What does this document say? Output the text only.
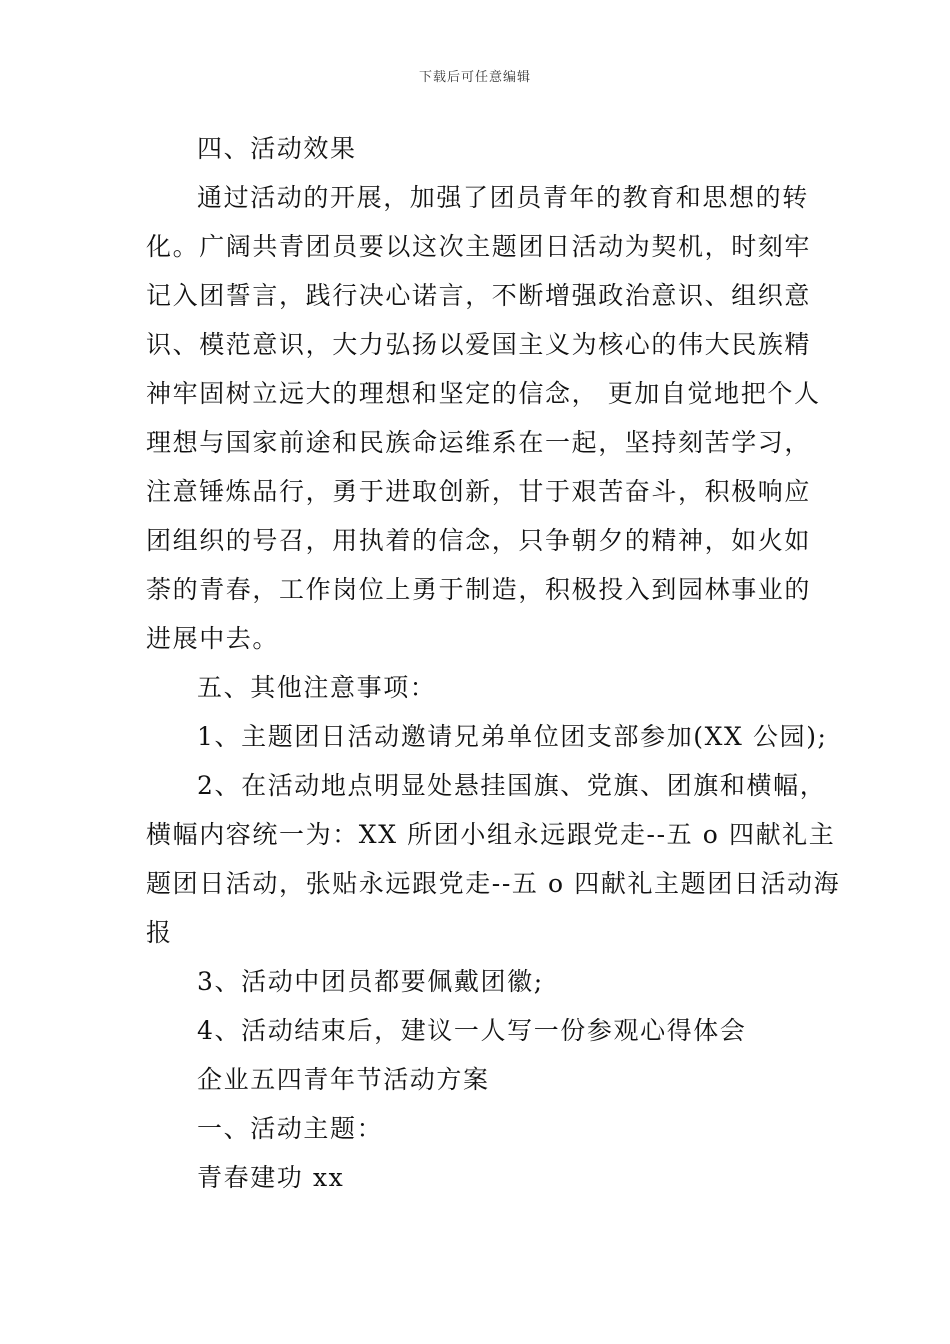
下载后可任意编辑
四、活动效果
通过活动的开展，加强了团员青年的教育和思想的转
化。广阔共青团员要以这次主题团日活动为契机，时刻牢
记入团誓言，践行决心诺言，不断增强政治意识、组织意
识、模范意识，大力弘扬以爱国主义为核心的伟大民族精
神牢固树立远大的理想和坚定的信念， 更加自觉地把个人
理想与国家前途和民族命运维系在一起，坚持刻苦学习，
注意锤炼品行，勇于进取创新，甘于艰苦奋斗，积极响应
团组织的号召，用执着的信念，只争朝夕的精神，如火如
荼的青春，工作岗位上勇于制造，积极投入到园林事业的
进展中去。
五、其他注意事项：
1、主题团日活动邀请兄弟单位团支部参加(XX 公园);
2、在活动地点明显处悬挂国旗、党旗、团旗和横幅，
横幅内容统一为：XX 所团小组永远跟党走--五 o 四献礼主
题团日活动，张贴永远跟党走--五 o 四献礼主题团日活动海
报
3、活动中团员都要佩戴团徽;
4、活动结束后，建议一人写一份参观心得体会
企业五四青年节活动方案
一、活动主题：
青春建功 xx
